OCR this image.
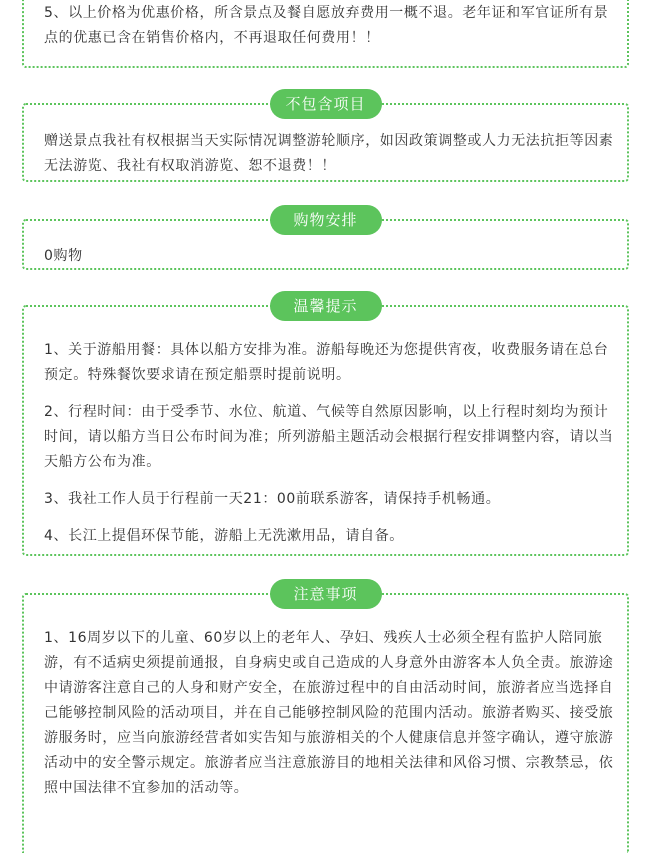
5、以上价格为优惠价格，所含景点及餐自愿放弃费用一概不退。老年证和军官证所有景点的优惠已含在销售价格内，不再退取任何费用！！

不包含项目

赠送景点我社有权根据当天实际情况调整游轮顺序，如因政策调整或人力无法抗拒等因素无法游览、我社有权取消游览、恕不退费！！

购物安排

0购物

温馨提示

1、关于游船用餐：具体以船方安排为准。游船每晚还为您提供宵夜，收费服务请在总台预定。特殊餐饮要求请在预定船票时提前说明。

2、行程时间：由于受季节、水位、航道、气候等自然原因影响，以上行程时刻均为预计时间，请以船方当日公布时间为准；所列游船主题活动会根据行程安排调整内容，请以当天船方公布为准。

3、我社工作人员于行程前一天21：00前联系游客，请保持手机畅通。

4、长江上提倡环保节能，游船上无洗漱用品，请自备。

注意事项

1、16周岁以下的儿童、60岁以上的老年人、孕妇、残疾人士必须全程有监护人陪同旅游，有不适病史须提前通报，自身病史或自己造成的人身意外由游客本人负全责。旅游途中请游客注意自己的人身和财产安全，在旅游过程中的自由活动时间，旅游者应当选择自己能够控制风险的活动项目，并在自己能够控制风险的范围内活动。旅游者购买、接受旅游服务时，应当向旅游经营者如实告知与旅游相关的个人健康信息并签字确认，遵守旅游活动中的安全警示规定。旅游者应当注意旅游目的地相关法律和风俗习惯、宗教禁忌，依照中国法律不宜参加的活动等。
